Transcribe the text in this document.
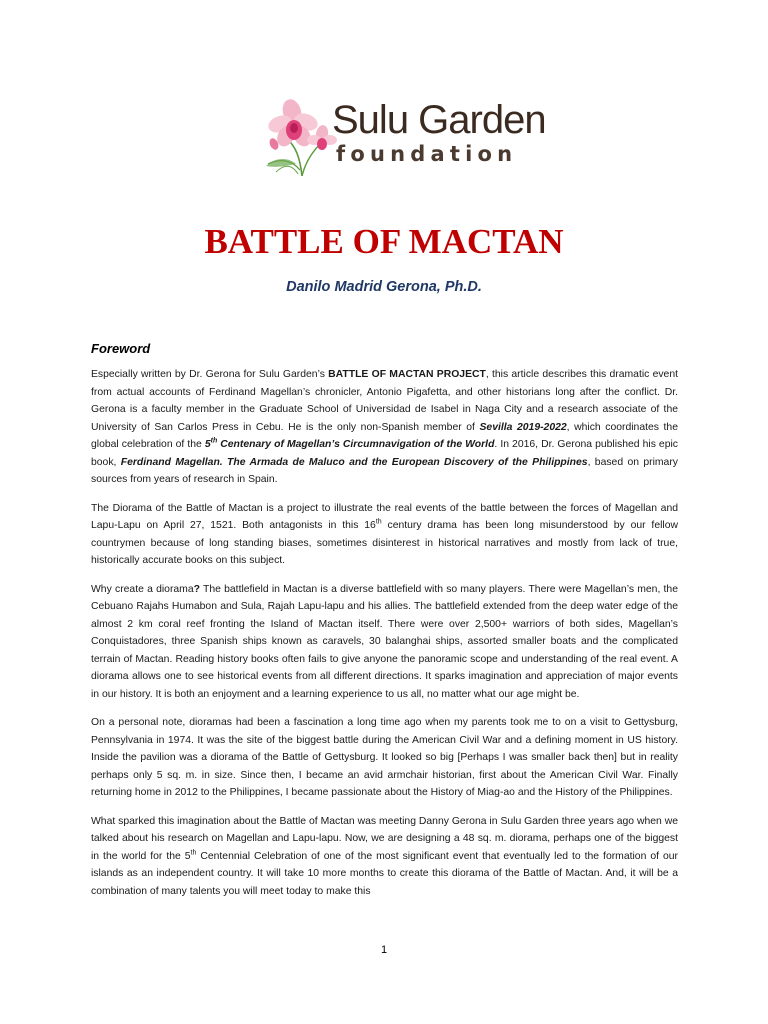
Sulu Garden
foundation
BATTLE OF MACTAN
Danilo Madrid Gerona, Ph.D.
Foreword

Especially written by Dr. Gerona for Sulu Garden’s BATTLE OF MACTAN PROJECT, this article describes this dramatic event from actual accounts of Ferdinand Magellan’s chronicler, Antonio Pigafetta, and other historians long after the conflict. Dr. Gerona is a faculty member in the Graduate School of Universidad de Isabel in Naga City and a research associate of the University of San Carlos Press in Cebu. He is the only non-Spanish member of Sevilla 2019-2022, which coordinates the global celebration of the 5th Centenary of Magellan’s Circumnavigation of the World. In 2016, Dr. Gerona published his epic book, Ferdinand Magellan. The Armada de Maluco and the European Discovery of the Philippines, based on primary sources from years of research in Spain.

The Diorama of the Battle of Mactan is a project to illustrate the real events of the battle between the forces of Magellan and Lapu-Lapu on April 27, 1521. Both antagonists in this 16th century drama has been long misunderstood by our fellow countrymen because of long standing biases, sometimes disinterest in historical narratives and mostly from lack of true, historically accurate books on this subject.

Why create a diorama? The battlefield in Mactan is a diverse battlefield with so many players. There were Magellan’s men, the Cebuano Rajahs Humabon and Sula, Rajah Lapu-lapu and his allies. The battlefield extended from the deep water edge of the almost 2 km coral reef fronting the Island of Mactan itself. There were over 2,500+ warriors of both sides, Magellan’s Conquistadores, three Spanish ships known as caravels, 30 balanghai ships, assorted smaller boats and the complicated terrain of Mactan. Reading history books often fails to give anyone the panoramic scope and understanding of the real event. A diorama allows one to see historical events from all different directions. It sparks imagination and appreciation of major events in our history. It is both an enjoyment and a learning experience to us all, no matter what our age might be.

On a personal note, dioramas had been a fascination a long time ago when my parents took me to on a visit to Gettysburg, Pennsylvania in 1974. It was the site of the biggest battle during the American Civil War and a defining moment in US history. Inside the pavilion was a diorama of the Battle of Gettysburg. It looked so big [Perhaps I was smaller back then] but in reality perhaps only 5 sq. m. in size. Since then, I became an avid armchair historian, first about the American Civil War. Finally returning home in 2012 to the Philippines, I became passionate about the History of Miag-ao and the History of the Philippines.

What sparked this imagination about the Battle of Mactan was meeting Danny Gerona in Sulu Garden three years ago when we talked about his research on Magellan and Lapu-lapu. Now, we are designing a 48 sq. m. diorama, perhaps one of the biggest in the world for the 5th Centennial Celebration of one of the most significant event that eventually led to the formation of our islands as an independent country. It will take 10 more months to create this diorama of the Battle of Mactan. And, it will be a combination of many talents you will meet today to make this

1
